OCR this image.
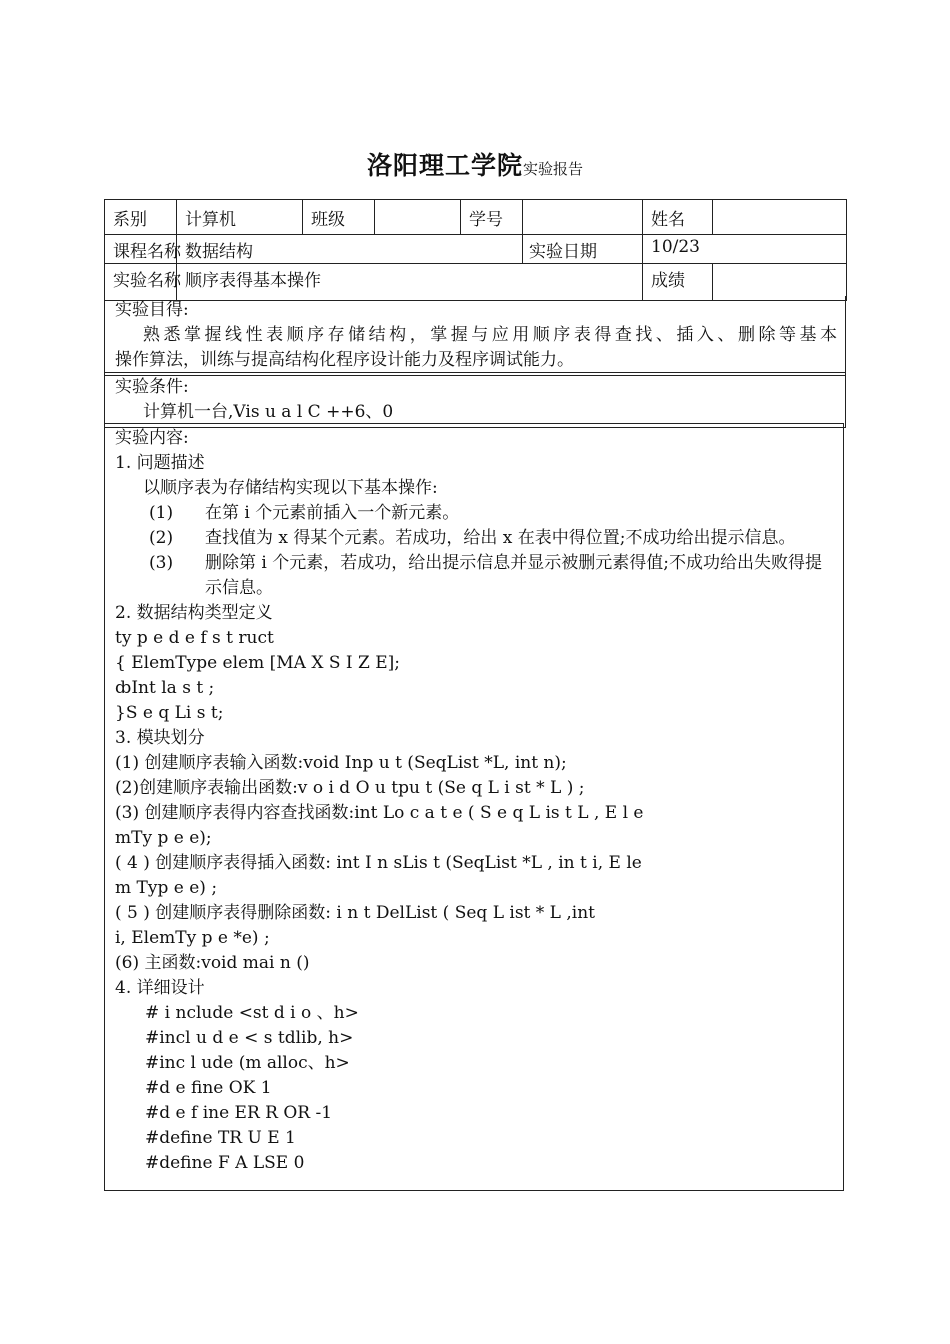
洛阳理工学院实验报告
系别	计算机	班级		学号		姓名	
课程名称	数据结构				实验日期	10/23	
实验名称	顺序表得基本操作					成绩	
实验目得:
熟悉掌握线性表顺序存储结构，掌握与应用顺序表得查找、插入、删除等基本
操作算法，训练与提高结构化程序设计能力及程序调试能力。
实验条件:
计算机一台,Vis u a l C ++6、0
实验内容:
1. 问题描述
以顺序表为存储结构实现以下基本操作:
(1)	在第 i 个元素前插入一个新元素。
(2)	查找值为 x 得某个元素。若成功，给出 x 在表中得位置;不成功给出提示信息。
(3)	删除第 i 个元素，若成功，给出提示信息并显示被删元素得值;不成功给出失败得提示信息。
2. 数据结构类型定义
ty p e d e f s t ruct
{ ElemType elem [MA X S I Z E];
ȸInt la s t ;
}S e q Li s t;
3. 模块划分
(1) 创建顺序表输入函数:void Inp u t (SeqList *L, int n);
(2)创建顺序表输出函数:v o i d O u tpu t (Se q L i st * L ) ;
(3) 创建顺序表得内容查找函数:int Lo c a t e ( S e q L is t L , E l e
mTy p e e);
( 4 ) 创建顺序表得插入函数: int I n sLis t (SeqList *L , in t i, E le
m Typ e e) ;
( 5 ) 创建顺序表得删除函数: i n t DelList ( Seq L ist * L ,int
i, ElemTy p e *e) ;
(6) 主函数:void mai n ()
4. 详细设计
# i nclude <st d i o 、h>
#incl u d e < s tdlib, h>
#inc l ude (m alloc、h>
#d e fine OK 1
#d e f ine ER R OR -1
#define TR U E 1
#define F A LSE 0
